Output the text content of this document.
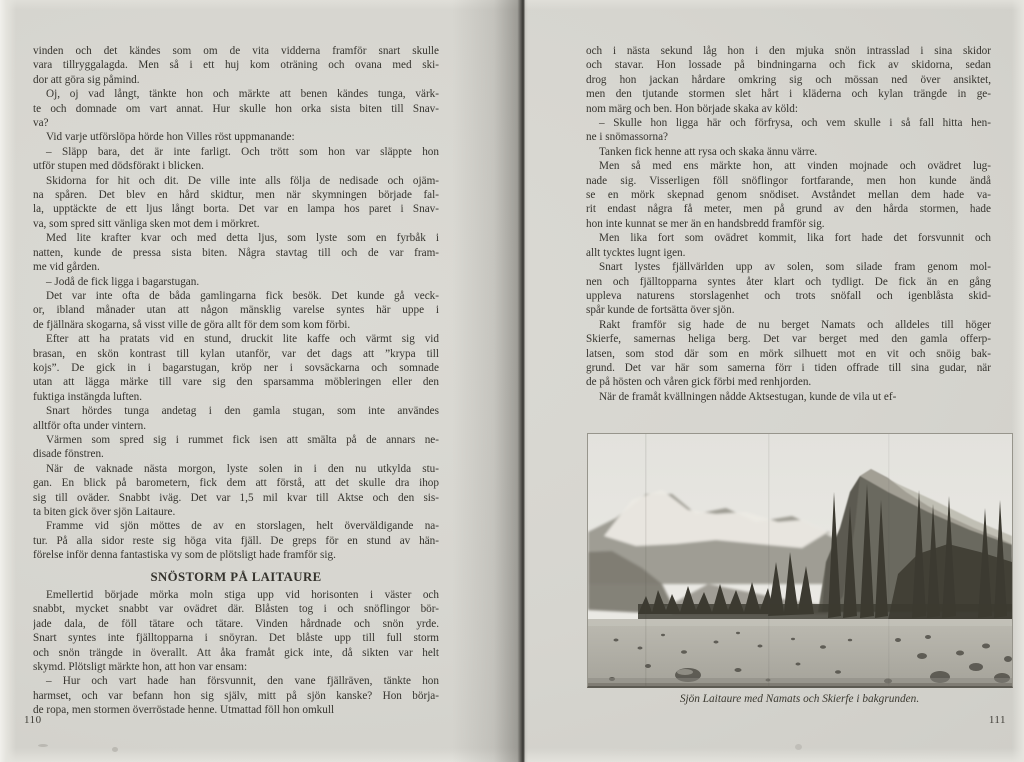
vinden och det kändes som om de vita vidderna framför snart skulle
vara tillryggalagda. Men så i ett huj kom oträning och ovana med ski-
dor att göra sig påmind.
Oj, oj vad långt, tänkte hon och märkte att benen kändes tunga, värk-
te och domnade om vart annat. Hur skulle hon orka sista biten till Snav-
va?
Vid varje utförslöpa hörde hon Villes röst uppmanande:
– Släpp bara, det är inte farligt. Och trött som hon var släppte hon
utför stupen med dödsförakt i blicken.
Skidorna for hit och dit. De ville inte alls följa de nedisade och ojäm-
na spåren. Det blev en hård skidtur, men när skymningen började fal-
la, upptäckte de ett ljus långt borta. Det var en lampa hos paret i Snav-
va, som spred sitt vänliga sken mot dem i mörkret.
Med lite krafter kvar och med detta ljus, som lyste som en fyrbåk i
natten, kunde de pressa sista biten. Några stavtag till och de var fram-
me vid gården.
– Jodå de fick ligga i bagarstugan.
Det var inte ofta de båda gamlingarna fick besök. Det kunde gå veck-
or, ibland månader utan att någon mänsklig varelse syntes här uppe i
de fjällnära skogarna, så visst ville de göra allt för dem som kom förbi.
Efter att ha pratats vid en stund, druckit lite kaffe och värmt sig vid
brasan, en skön kontrast till kylan utanför, var det dags att ”krypa till
kojs”. De gick in i bagarstugan, kröp ner i sovsäckarna och somnade
utan att lägga märke till vare sig den sparsamma möbleringen eller den
fuktiga instängda luften.
Snart hördes tunga andetag i den gamla stugan, som inte användes
alltför ofta under vintern.
Värmen som spred sig i rummet fick isen att smälta på de annars ne-
disade fönstren.
När de vaknade nästa morgon, lyste solen in i den nu utkylda stu-
gan. En blick på barometern, fick dem att förstå, att det skulle dra ihop
sig till oväder. Snabbt iväg. Det var 1,5 mil kvar till Aktse och den sis-
ta biten gick över sjön Laitaure.
Framme vid sjön möttes de av en storslagen, helt överväldigande na-
tur. På alla sidor reste sig höga vita fjäll. De greps för en stund av hän-
förelse inför denna fantastiska vy som de plötsligt hade framför sig.
SNÖSTORM PÅ LAITAURE
Emellertid började mörka moln stiga upp vid horisonten i väster och
snabbt, mycket snabbt var ovädret där. Blåsten tog i och snöflingor bör-
jade dala, de föll tätare och tätare. Vinden hårdnade och snön yrde.
Snart syntes inte fjälltopparna i snöyran. Det blåste upp till full storm
och snön trängde in överallt. Att åka framåt gick inte, då sikten var helt
skymd. Plötsligt märkte hon, att hon var ensam:
– Hur och vart hade han försvunnit, den vane fjällräven, tänkte hon
harmset, och var befann hon sig själv, mitt på sjön kanske? Hon börja-
de ropa, men stormen överröstade henne. Utmattad föll hon omkull
110
och i nästa sekund låg hon i den mjuka snön intrasslad i sina skidor
och stavar. Hon lossade på bindningarna och fick av skidorna, sedan
drog hon jackan hårdare omkring sig och mössan ned över ansiktet,
men den tjutande stormen slet hårt i kläderna och kylan trängde in ge-
nom märg och ben. Hon började skaka av köld:
– Skulle hon ligga här och förfrysa, och vem skulle i så fall hitta hen-
ne i snömassorna?
Tanken fick henne att rysa och skaka ännu värre.
Men så med ens märkte hon, att vinden mojnade och ovädret lug-
nade sig. Visserligen föll snöflingor fortfarande, men hon kunde ändå
se en mörk skepnad genom snödiset. Avståndet mellan dem hade va-
rit endast några få meter, men på grund av den hårda stormen, hade
hon inte kunnat se mer än en handsbredd framför sig.
Men lika fort som ovädret kommit, lika fort hade det forsvunnit och
allt tycktes lugnt igen.
Snart lystes fjällvärlden upp av solen, som silade fram genom mol-
nen och fjälltopparna syntes åter klart och tydligt. De fick än en gång
uppleva naturens storslagenhet och trots snöfall och igenblåsta skid-
spår kunde de fortsätta över sjön.
Rakt framför sig hade de nu berget Namats och alldeles till höger
Skierfe, samernas heliga berg. Det var berget med den gamla offerp-
latsen, som stod där som en mörk silhuett mot en vit och snöig bak-
grund. Det var här som samerna förr i tiden offrade till sina gudar, när
de på hösten och våren gick förbi med renhjorden.
När de framåt kvällningen nådde Aktsestugan, kunde de vila ut ef-
Sjön Laitaure med Namats och Skierfe i bakgrunden.
111
